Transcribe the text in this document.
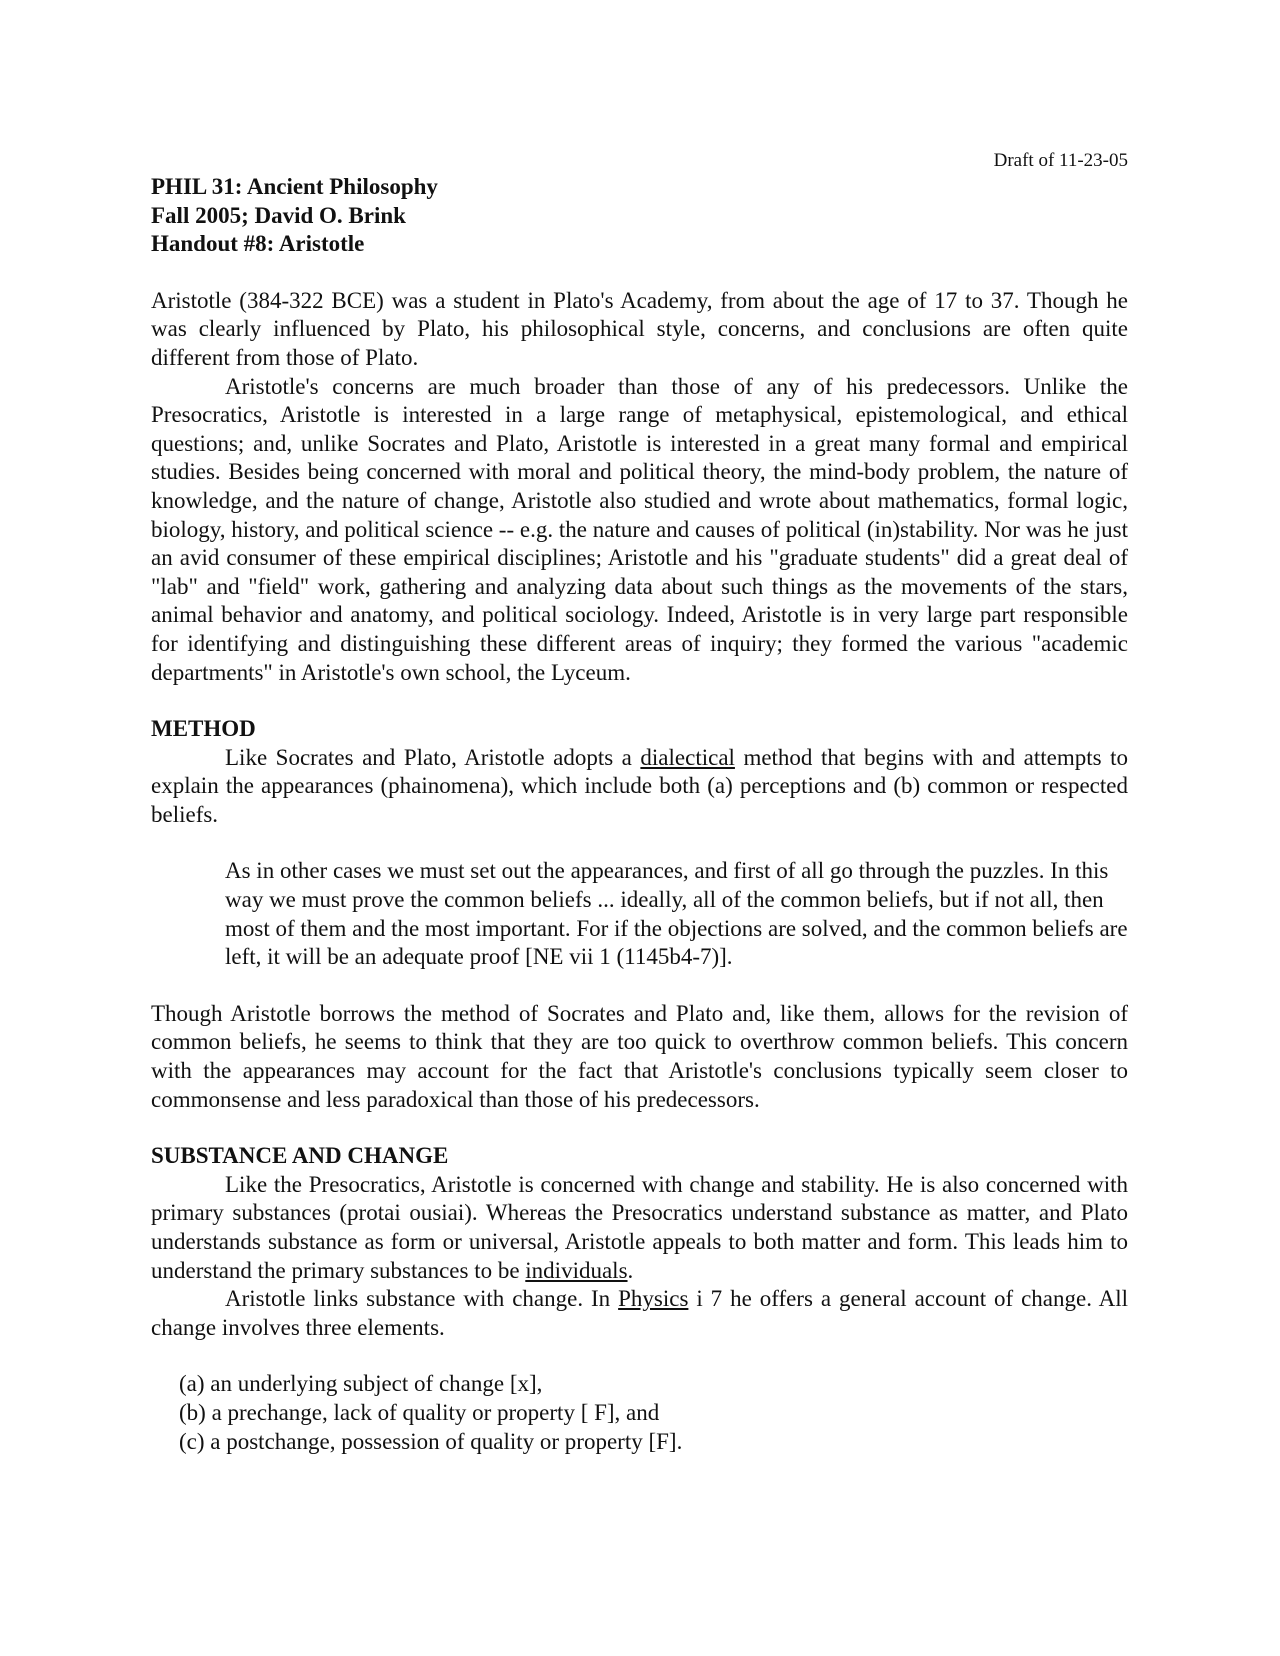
Draft of 11-23-05
PHIL 31: Ancient Philosophy
Fall 2005; David O. Brink
Handout #8: Aristotle

Aristotle (384-322 BCE) was a student in Plato's Academy, from about the age of 17 to 37. Though he was clearly influenced by Plato, his philosophical style, concerns, and conclusions are often quite different from those of Plato.

Aristotle's concerns are much broader than those of any of his predecessors. Unlike the Presocratics, Aristotle is interested in a large range of metaphysical, epistemological, and ethical questions; and, unlike Socrates and Plato, Aristotle is interested in a great many formal and empirical studies. Besides being concerned with moral and political theory, the mind-body problem, the nature of knowledge, and the nature of change, Aristotle also studied and wrote about mathematics, formal logic, biology, history, and political science -- e.g. the nature and causes of political (in)stability. Nor was he just an avid consumer of these empirical disciplines; Aristotle and his "graduate students" did a great deal of "lab" and "field" work, gathering and analyzing data about such things as the movements of the stars, animal behavior and anatomy, and political sociology. Indeed, Aristotle is in very large part responsible for identifying and distinguishing these different areas of inquiry; they formed the various "academic departments" in Aristotle's own school, the Lyceum.

METHOD

Like Socrates and Plato, Aristotle adopts a dialectical method that begins with and attempts to explain the appearances (phainomena), which include both (a) perceptions and (b) common or respected beliefs.

As in other cases we must set out the appearances, and first of all go through the puzzles. In this way we must prove the common beliefs ... ideally, all of the common beliefs, but if not all, then most of them and the most important. For if the objections are solved, and the common beliefs are left, it will be an adequate proof [NE vii 1 (1145b4-7)].

Though Aristotle borrows the method of Socrates and Plato and, like them, allows for the revision of common beliefs, he seems to think that they are too quick to overthrow common beliefs. This concern with the appearances may account for the fact that Aristotle's conclusions typically seem closer to commonsense and less paradoxical than those of his predecessors.

SUBSTANCE AND CHANGE

Like the Presocratics, Aristotle is concerned with change and stability. He is also concerned with primary substances (protai ousiai). Whereas the Presocratics understand substance as matter, and Plato understands substance as form or universal, Aristotle appeals to both matter and form. This leads him to understand the primary substances to be individuals.

Aristotle links substance with change. In Physics i 7 he offers a general account of change. All change involves three elements.

(a) an underlying subject of change [x],
(b) a prechange, lack of quality or property [ F], and
(c) a postchange, possession of quality or property [F].
